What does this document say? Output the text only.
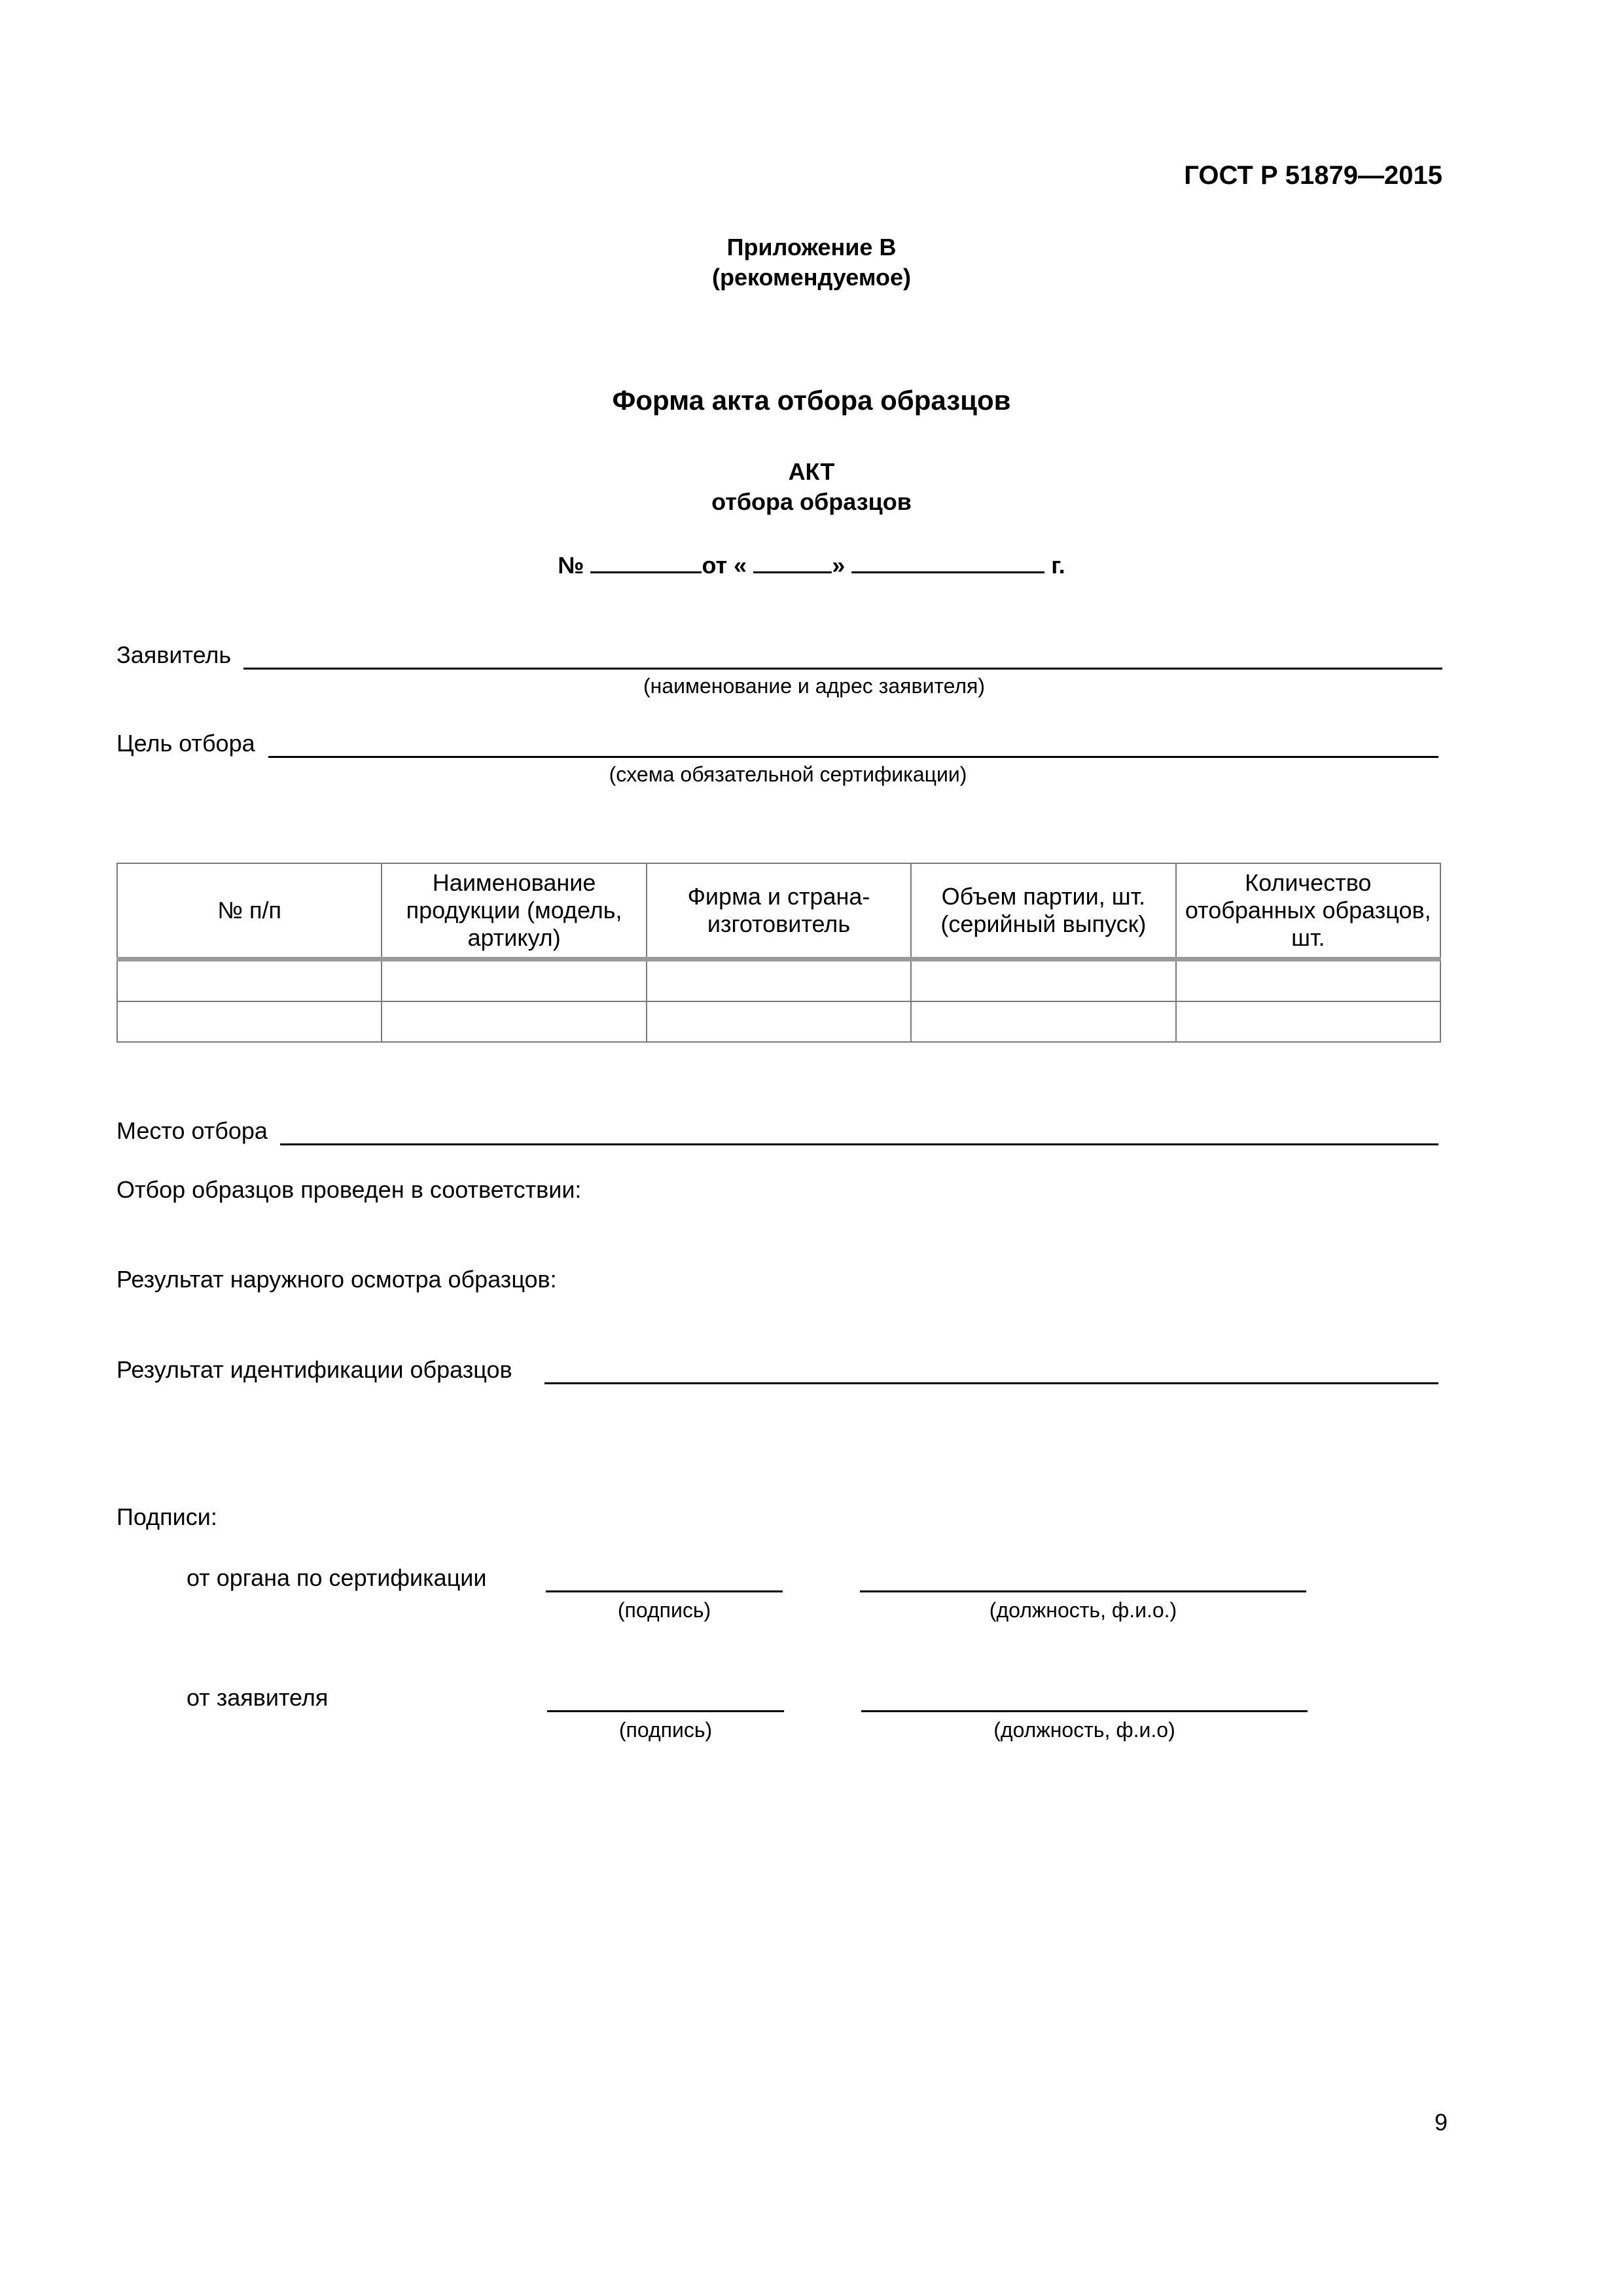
ГОСТ Р 51879—2015
Приложение В
(рекомендуемое)
Форма акта отбора образцов
АКТ
отбора образцов
№	от «	»	г.
Заявитель
(наименование и адрес заявителя)
Цель отбора
(схема обязательной сертификации)
№ п/п	Наименование продукции (модель, артикул)	Фирма и страна-изготовитель	Объем партии, шт. (серийный выпуск)	Количество отобранных образцов, шт.

Место отбора
Отбор образцов проведен в соответствии:
Результат наружного осмотра образцов:
Результат идентификации образцов
Подписи:
от органа по сертификации
(подпись)	(должность, ф.и.о.)
от заявителя
(подпись)	(должность, ф.и.о)
9
